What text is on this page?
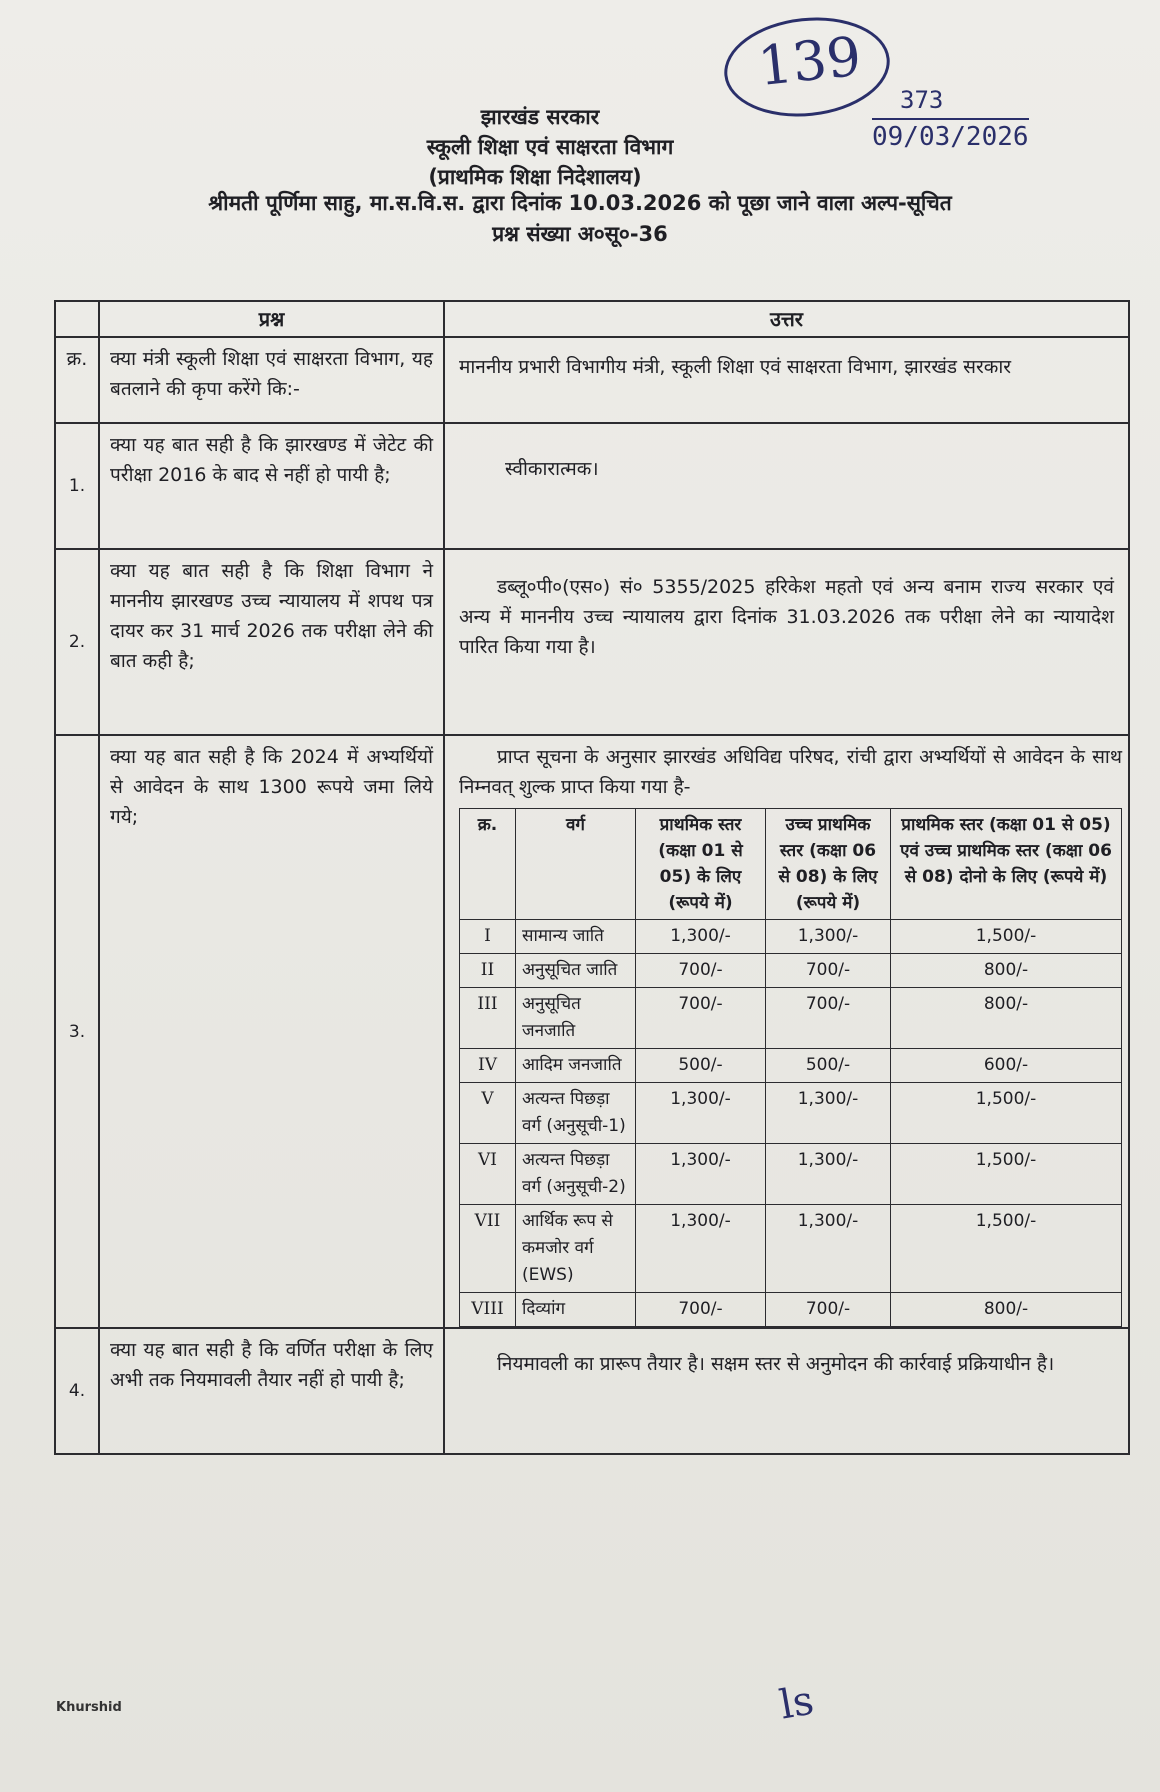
139
373
09/03/2026
झारखंड सरकार
स्कूली शिक्षा एवं साक्षरता विभाग
(प्राथमिक शिक्षा निदेशालय)
श्रीमती पूर्णिमा साहु, मा.स.वि.स. द्वारा दिनांक 10.03.2026 को पूछा जाने वाला अल्प-सूचित
प्रश्न संख्या अ०सू०-36
	प्रश्न	उत्तर
क्र.	क्या मंत्री स्कूली शिक्षा एवं साक्षरता विभाग, यह बतलाने की कृपा करेंगे कि:-	माननीय प्रभारी विभागीय मंत्री, स्कूली शिक्षा एवं साक्षरता विभाग, झारखंड सरकार
1.	क्या यह बात सही है कि झारखण्ड में जेटेट की परीक्षा 2016 के बाद से नहीं हो पायी है;	स्वीकारात्मक।
2.	क्या यह बात सही है कि शिक्षा विभाग ने माननीय झारखण्ड उच्च न्यायालय में शपथ पत्र दायर कर 31 मार्च 2026 तक परीक्षा लेने की बात कही है;	डब्लू०पी०(एस०) सं० 5355/2025 हरिकेश महतो एवं अन्य बनाम राज्य सरकार एवं अन्य में माननीय उच्च न्यायालय द्वारा दिनांक 31.03.2026 तक परीक्षा लेने का न्यायादेश पारित किया गया है।
3.	क्या यह बात सही है कि 2024 में अभ्यर्थियों से आवेदन के साथ 1300 रूपये जमा लिये गये;	
प्राप्त सूचना के अनुसार झारखंड अधिविद्य परिषद, रांची द्वारा अभ्यर्थियों से आवेदन के साथ निम्नवत् शुल्क प्राप्त किया गया है-
क्र.	वर्ग	प्राथमिक स्तर (कक्षा 01 से 05) के लिए (रूपये में)	उच्च प्राथमिक स्तर (कक्षा 06 से 08) के लिए (रूपये में)	प्राथमिक स्तर (कक्षा 01 से 05) एवं उच्च प्राथमिक स्तर (कक्षा 06 से 08) दोनो के लिए (रूपये में)
I	सामान्य जाति	1,300/-	1,300/-	1,500/-
II	अनुसूचित जाति	700/-	700/-	800/-
III	अनुसूचित जनजाति	700/-	700/-	800/-
IV	आदिम जनजाति	500/-	500/-	600/-
V	अत्यन्त पिछड़ा वर्ग (अनुसूची-1)	1,300/-	1,300/-	1,500/-
VI	अत्यन्त पिछड़ा वर्ग (अनुसूची-2)	1,300/-	1,300/-	1,500/-
VII	आर्थिक रूप से कमजोर वर्ग (EWS)	1,300/-	1,300/-	1,500/-
VIII	दिव्यांग	700/-	700/-	800/-

4.	क्या यह बात सही है कि वर्णित परीक्षा के लिए अभी तक नियमावली तैयार नहीं हो पायी है;	नियमावली का प्रारूप तैयार है। सक्षम स्तर से अनुमोदन की कार्रवाई प्रक्रियाधीन है।
Khurshid	ls
